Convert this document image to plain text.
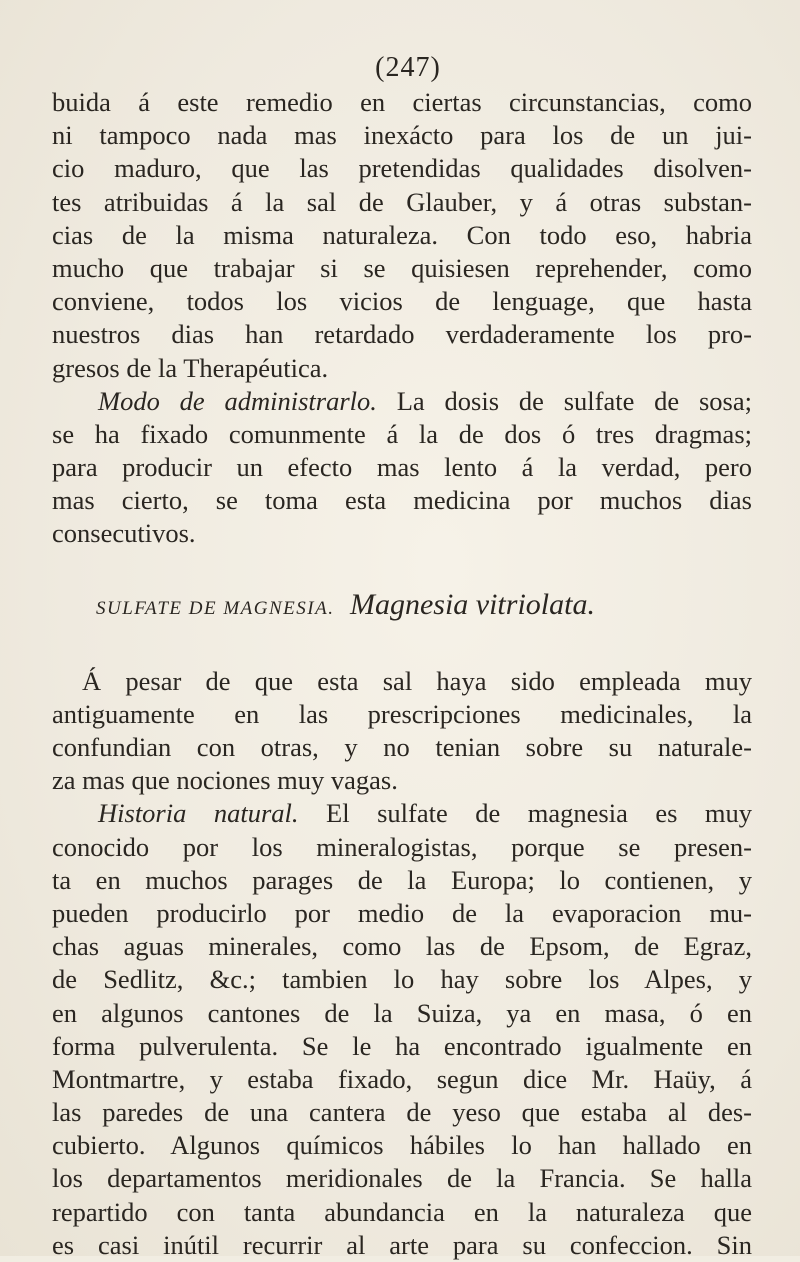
(247)
buida á este remedio en ciertas circunstancias, como
ni tampoco nada mas inexácto para los de un jui-
cio maduro, que las pretendidas qualidades disolven-
tes atribuidas á la sal de Glauber, y á otras substan-
cias de la misma naturaleza. Con todo eso, habria
mucho que trabajar si se quisiesen reprehender, como
conviene, todos los vicios de lenguage, que hasta
nuestros dias han retardado verdaderamente los pro-
gresos de la Therapéutica.
Modo de administrarlo. La dosis de sulfate de sosa;
se ha fixado comunmente á la de dos ó tres dragmas;
para producir un efecto mas lento á la verdad, pero
mas cierto, se toma esta medicina por muchos dias
consecutivos.
SULFATE DE MAGNESIA. Magnesia vitriolata.
Á pesar de que esta sal haya sido empleada muy
antiguamente en las prescripciones medicinales, la
confundian con otras, y no tenian sobre su naturale-
za mas que nociones muy vagas.
Historia natural. El sulfate de magnesia es muy
conocido por los mineralogistas, porque se presen-
ta en muchos parages de la Europa; lo contienen, y
pueden producirlo por medio de la evaporacion mu-
chas aguas minerales, como las de Epsom, de Egraz,
de Sedlitz, &c.; tambien lo hay sobre los Alpes, y
en algunos cantones de la Suiza, ya en masa, ó en
forma pulverulenta. Se le ha encontrado igualmente en
Montmartre, y estaba fixado, segun dice Mr. Haüy, á
las paredes de una cantera de yeso que estaba al des-
cubierto. Algunos químicos hábiles lo han hallado en
los departamentos meridionales de la Francia. Se halla
repartido con tanta abundancia en la naturaleza que
es casi inútil recurrir al arte para su confeccion. Sin
